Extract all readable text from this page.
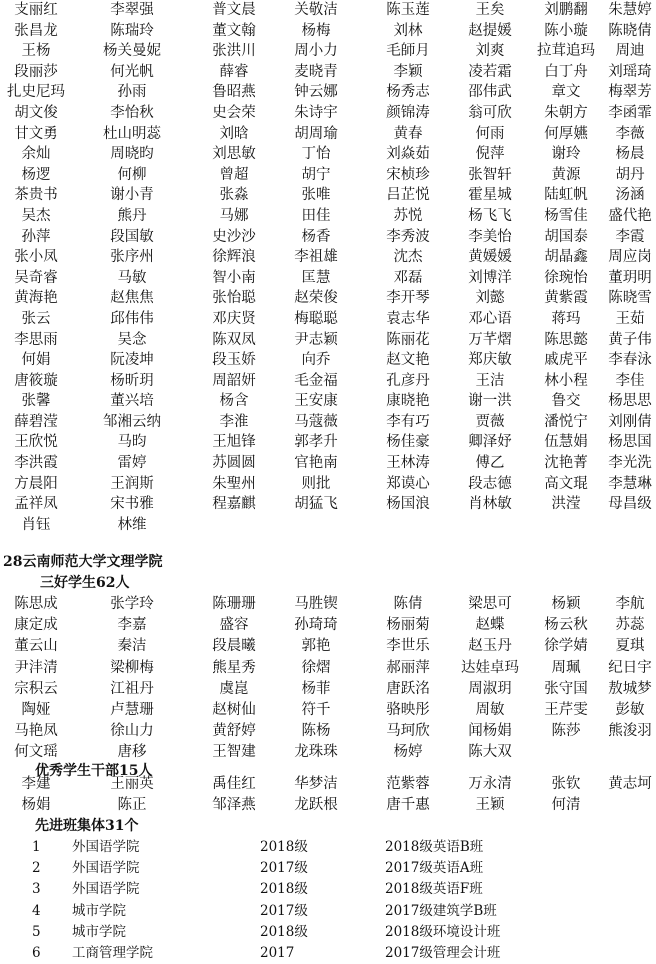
支丽红	李翠强	普文晨	关敬洁	陈玉莲	王矣	刘鹏翻	朱慧婷
张昌龙	陈瑞玲	董文翰	杨梅	刘林	赵提媛	陈小璇	陈晓倩
王杨	杨关曼妮	张洪川	周小力	毛師月	刘爽	拉茸追玛	周迪
段丽莎	何光帆	薛睿	麦晓青	李颖	凌若霜	白丁舟	刘瑶琦
扎史尼玛	孙雨	鲁昭燕	钟云娜	杨秀志	邵伟武	章文	梅翠芳
胡文俊	李怡秋	史会荣	朱诗宇	颜锦涛	翁可欣	朱朝方	李函霏
甘文勇	杜山明蕊	刘晗	胡周瑜	黄春	何雨	何厚嬿	李薇
余灿	周晓昀	刘思敏	丁怡	刘焱茹	倪萍	谢玲	杨晨
杨逻	何柳	曾超	胡宁	宋桢珍	张智轩	黄源	胡丹
茶贵书	谢小青	张淼	张唯	吕芷悦	霍星城	陆虹帆	汤涵
吴杰	熊丹	马娜	田佳	苏悦	杨飞飞	杨雪佳	盛代艳
孙萍	段国敏	史沙沙	杨香	李秀波	李美怡	胡国泰	李霞
张小凤	张序州	徐辉浪	李祖雄	沈杰	黄媛媛	胡晶鑫	周应岗
吴奇睿	马敏	智小南	匡慧	邓磊	刘博洋	徐琬怡	董玥明
黄海艳	赵焦焦	张怡聪	赵荣俊	李开琴	刘懿	黄紫霞	陈晓雪
张云	邱伟伟	邓庆贤	梅聪聪	袁志华	邓心语	蒋玛	王茹
李思雨	吴念	陈双凤	尹志颖	陈丽花	万芊熠	陈思懿	黄子伟
何娟	阮凌坤	段玉娇	向乔	赵文艳	郑庆敏	戚虎平	李春泳
唐筱璇	杨昕玥	周韶妍	毛金福	孔彦丹	王洁	林小程	李佳
张馨	董兴培	杨含	王安康	康晓艳	谢一洪	鲁交	杨思思
薛碧滢	邹湘云纳	李淮	马蔻薇	李有巧	贾薇	潘悦宁	刘刚倩
王欣悦	马昀	王旭锋	郭孝升	杨佳豪	卿泽妤	伍慧娟	杨思国
李洪霞	雷婷	苏圆圆	官艳南	王林涛	傅乙	沈艳菁	李光洗
方晨阳	王润斯	朱聖州	则批	郑谟心	段志德	高文琨	李慧琳
孟祥凤	宋书雅	程嘉麒	胡猛飞	杨国浪	肖林敏	洪滢	母昌级
肖钰	林维
28云南师范大学文理学院
三好学生62人
陈思成	张学玲	陈珊珊	马胜锲	陈倩	梁思可	杨颖	李航
康定成	李嘉	盛容	孙琦琦	杨丽菊	赵蝶	杨云秋	苏蕊
董云山	秦洁	段晨曦	郭艳	李世乐	赵玉丹	徐学婧	夏琪
尹沣清	梁柳梅	熊星秀	徐熠	郝丽萍	达娃卓玛	周珮	纪日宇
宗积云	江祖丹	虞崑	杨菲	唐跃洺	周淑玥	张守国	敖城梦
陶娅	卢慧珊	赵树仙	符千	骆映彤	周敏	王芹雯	彭敏
马艳凤	徐山力	黄舒婷	陈杨	马珂欣	闻杨娟	陈莎	熊浚羽
何文瑶	唐移	王智建	龙珠珠	杨婷	陈大双
优秀学生干部15人
李建	王丽英	禹佳红	华梦洁	范紫蓉	万永清	张钦	黄志坷
杨娟	陈正	邹泽燕	龙跃根	唐千惠	王颖	何清
先进班集体31个
1 外国语学院	2018级	2018级英语B班
2 外国语学院	2017级	2017级英语A班
3 外国语学院	2018级	2018级英语F班
4 城市学院	2017级	2017级建筑学B班
5 城市学院	2018级	2018级环境设计班
6 工商管理学院	2017	2017级管理会计班
